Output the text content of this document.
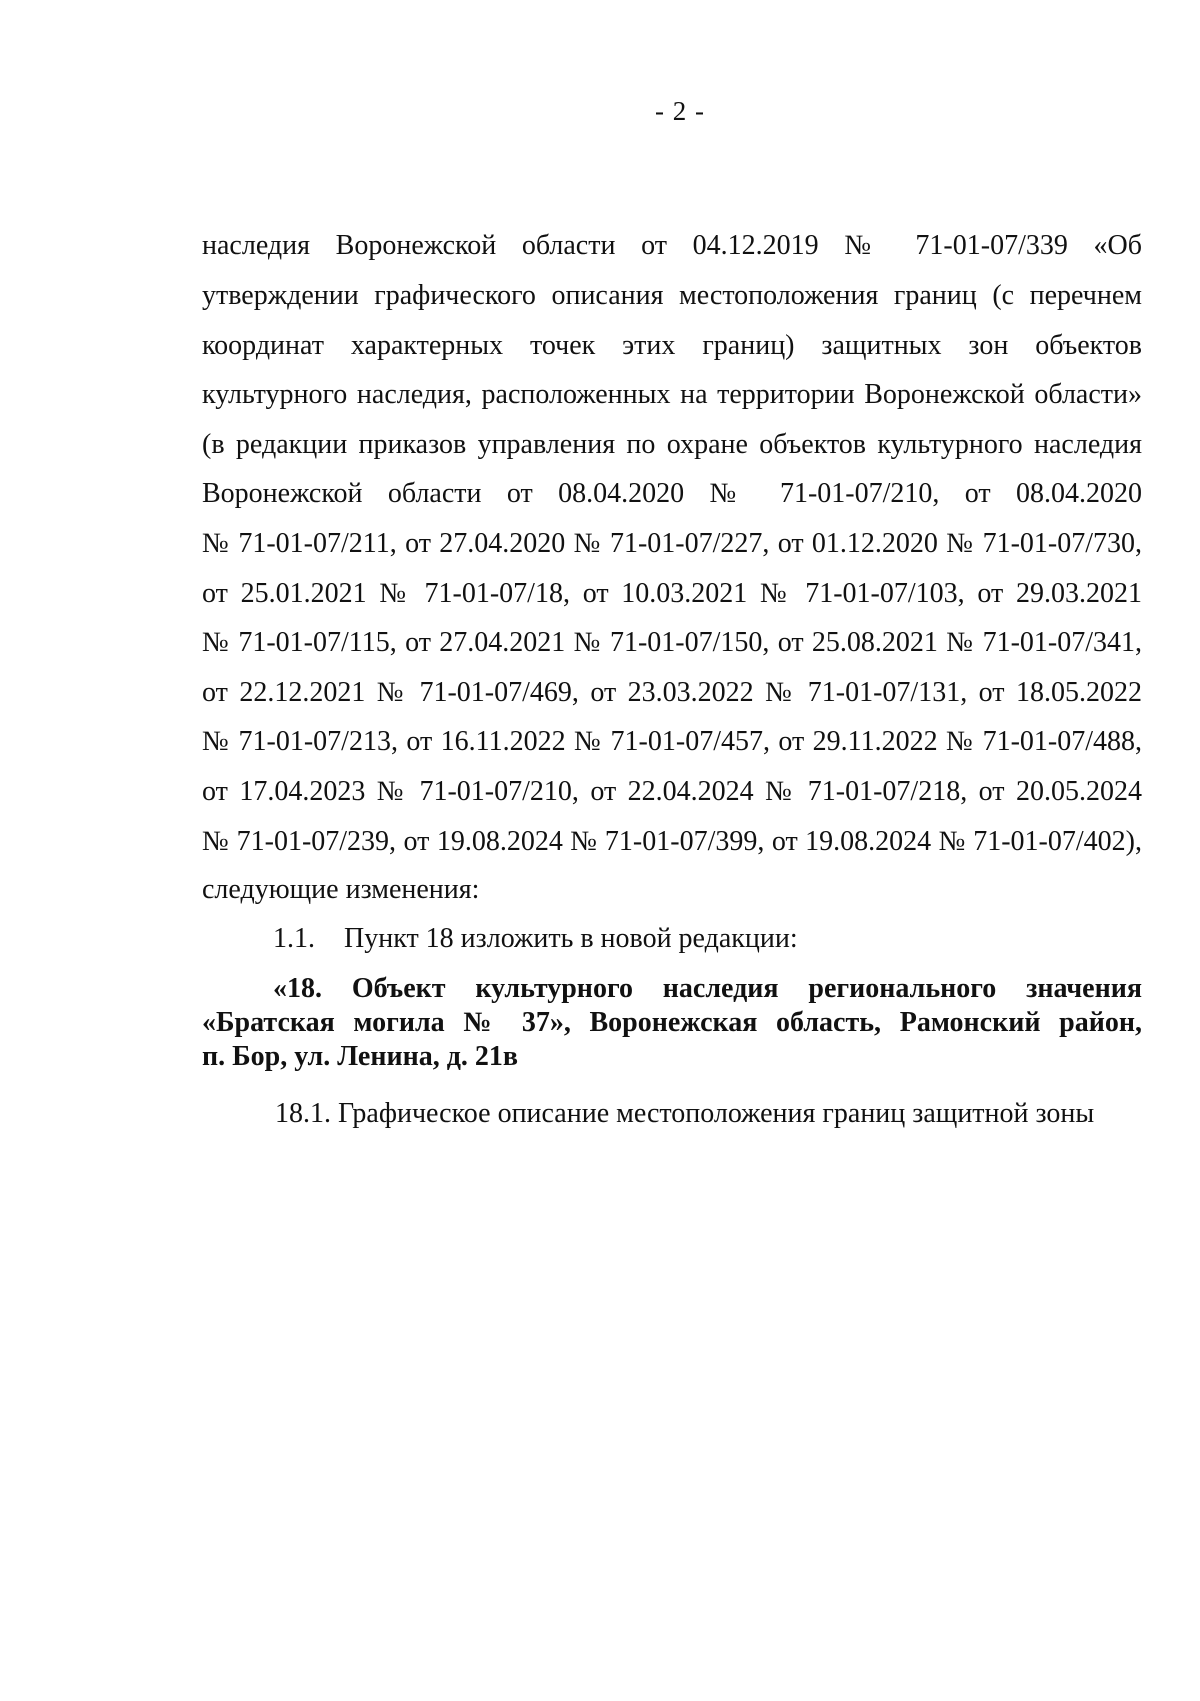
- 2 -
наследия Воронежской области от 04.12.2019 № 71-01-07/339 «Об
утверждении графического описания местоположения границ (с перечнем
координат характерных точек этих границ) защитных зон объектов
культурного наследия, расположенных на территории Воронежской области»
(в редакции приказов управления по охране объектов культурного наследия
Воронежской области от 08.04.2020 № 71-01-07/210, от 08.04.2020
№ 71-01-07/211, от 27.04.2020 № 71-01-07/227, от 01.12.2020 № 71-01-07/730,
от 25.01.2021 № 71-01-07/18, от 10.03.2021 № 71-01-07/103, от 29.03.2021
№ 71-01-07/115, от 27.04.2021 № 71-01-07/150, от 25.08.2021 № 71-01-07/341,
от 22.12.2021 № 71-01-07/469, от 23.03.2022 № 71-01-07/131, от 18.05.2022
№ 71-01-07/213, от 16.11.2022 № 71-01-07/457, от 29.11.2022 № 71-01-07/488,
от 17.04.2023 № 71-01-07/210, от 22.04.2024 № 71-01-07/218, от 20.05.2024
№ 71-01-07/239, от 19.08.2024 № 71-01-07/399, от 19.08.2024 № 71-01-07/402),
следующие изменения:
1.1. Пункт 18 изложить в новой редакции:
«18. Объект культурного наследия регионального значения
«Братская могила № 37», Воронежская область, Рамонский район,
п. Бор, ул. Ленина, д. 21в
18.1. Графическое описание местоположения границ защитной зоны
